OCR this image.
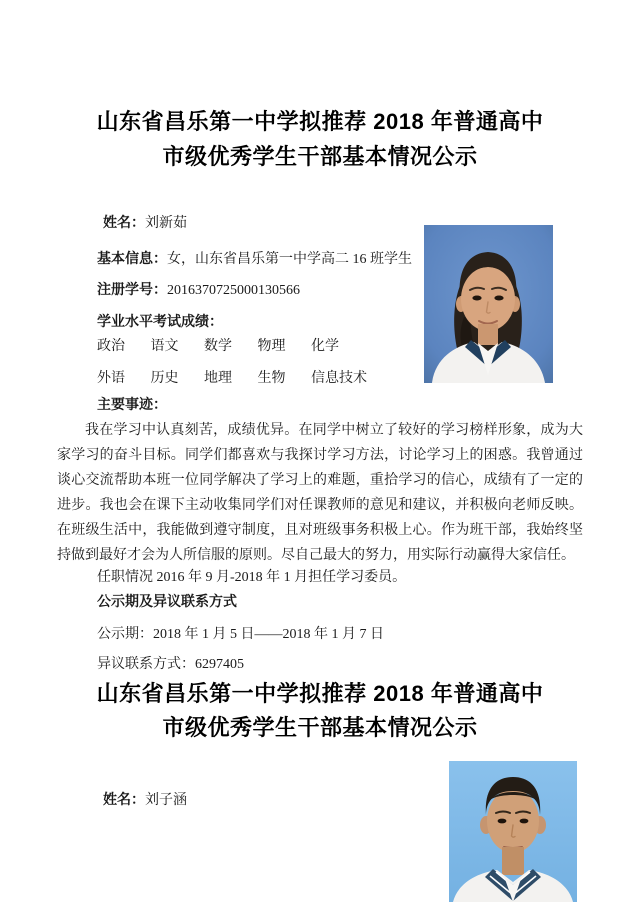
山东省昌乐第一中学拟推荐 2018 年普通高中
市级优秀学生干部基本情况公示

姓名：刘新茹

基本信息：女，山东省昌乐第一中学高二 16 班学生

注册学号：2016370725000130566

学业水平考试成绩：

政治 语文 数学 物理 化学

外语 历史 地理 生物 信息技术

主要事迹：

我在学习中认真刻苦，成绩优异。在同学中树立了较好的学习榜样形象，成为大家学习的奋斗目标。同学们都喜欢与我探讨学习方法，讨论学习上的困惑。我曾通过谈心交流帮助本班一位同学解决了学习上的难题，重拾学习的信心，成绩有了一定的进步。我也会在课下主动收集同学们对任课教师的意见和建议，并积极向老师反映。在班级生活中，我能做到遵守制度，且对班级事务积极上心。作为班干部，我始终坚持做到最好才会为人所信服的原则。尽自己最大的努力，用实际行动赢得大家信任。

任职情况 2016 年 9 月-2018 年 1 月担任学习委员。

公示期及异议联系方式

公示期：2018 年 1 月 5 日——2018 年 1 月 7 日

异议联系方式：6297405

山东省昌乐第一中学拟推荐 2018 年普通高中
市级优秀学生干部基本情况公示

姓名：刘子涵
